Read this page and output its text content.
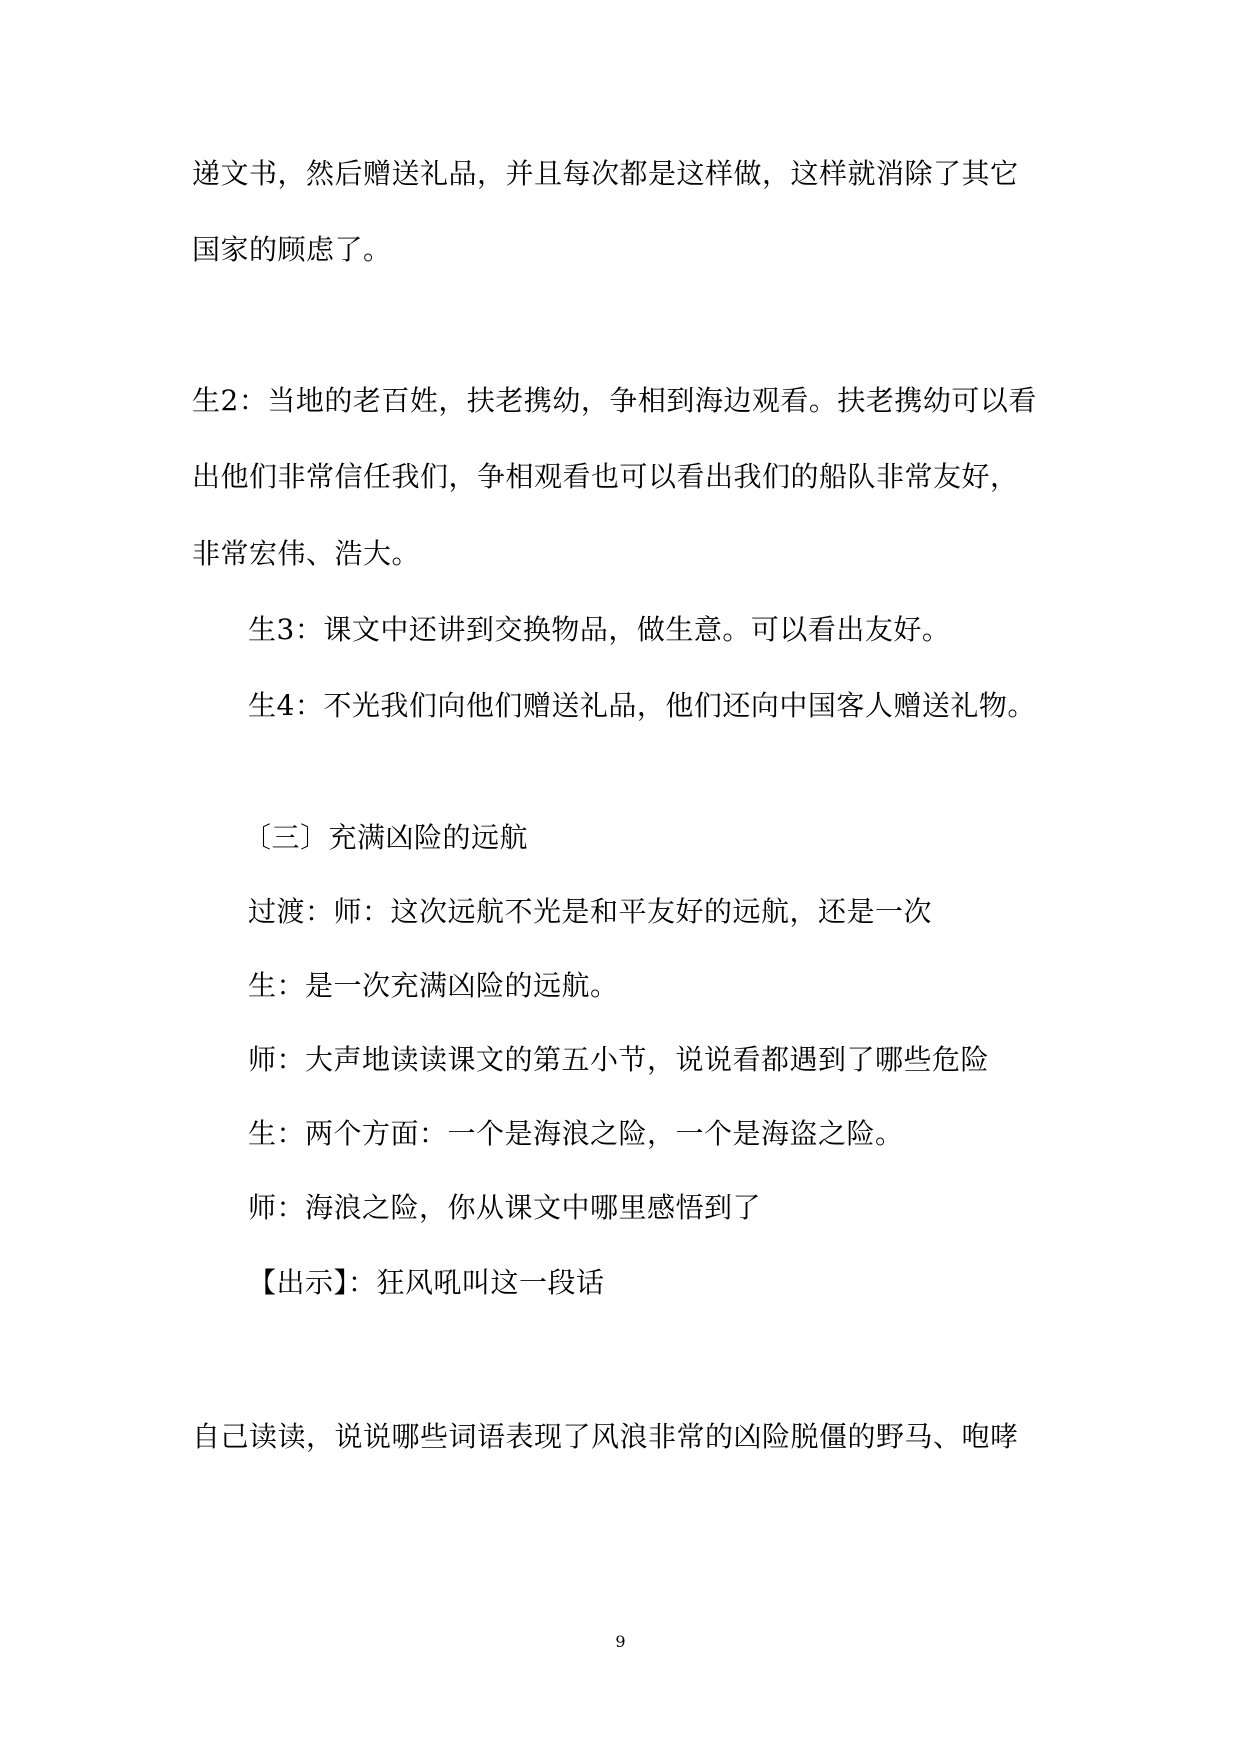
递文书，然后赠送礼品，并且每次都是这样做，这样就消除了其它
国家的顾虑了。
生2：当地的老百姓，扶老携幼，争相到海边观看。扶老携幼可以看
出他们非常信任我们，争相观看也可以看出我们的船队非常友好，
非常宏伟、浩大。
生3：课文中还讲到交换物品，做生意。可以看出友好。
生4：不光我们向他们赠送礼品，他们还向中国客人赠送礼物。
〔三〕充满凶险的远航
过渡：师：这次远航不光是和平友好的远航，还是一次
生：是一次充满凶险的远航。
师：大声地读读课文的第五小节，说说看都遇到了哪些危险
生：两个方面：一个是海浪之险，一个是海盗之险。
师：海浪之险，你从课文中哪里感悟到了
【出示】：狂风吼叫这一段话
自己读读，说说哪些词语表现了风浪非常的凶险脱僵的野马、咆哮
9
